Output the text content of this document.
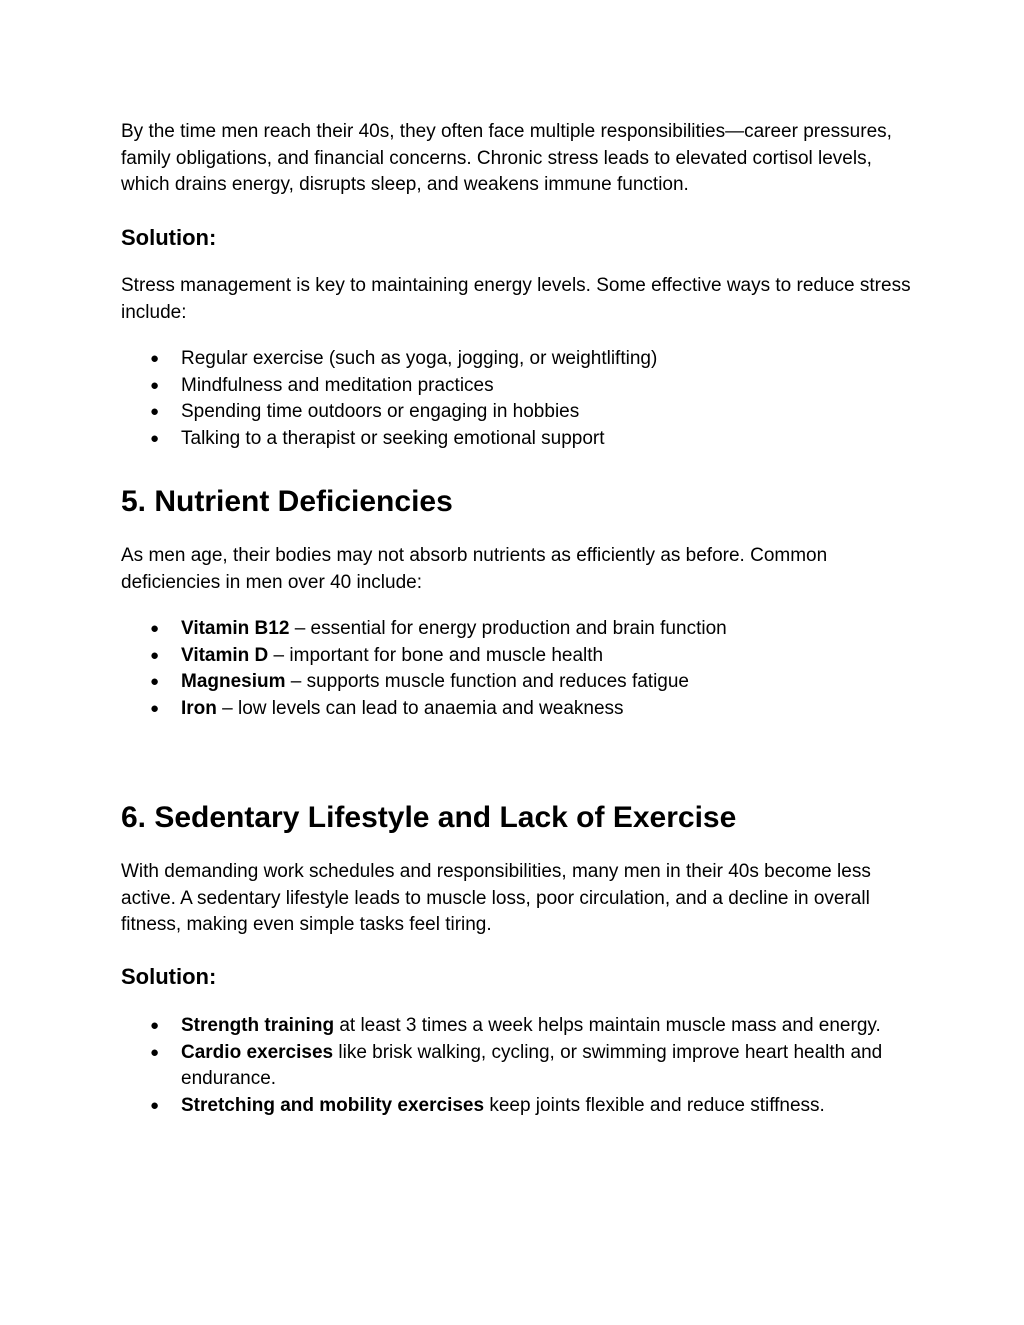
By the time men reach their 40s, they often face multiple responsibilities—career pressures, family obligations, and financial concerns. Chronic stress leads to elevated cortisol levels, which drains energy, disrupts sleep, and weakens immune function.

Solution:

Stress management is key to maintaining energy levels. Some effective ways to reduce stress include:

● Regular exercise (such as yoga, jogging, or weightlifting)
● Mindfulness and meditation practices
● Spending time outdoors or engaging in hobbies
● Talking to a therapist or seeking emotional support
5. Nutrient Deficiencies

As men age, their bodies may not absorb nutrients as efficiently as before. Common deficiencies in men over 40 include:

● Vitamin B12 – essential for energy production and brain function
● Vitamin D – important for bone and muscle health
● Magnesium – supports muscle function and reduces fatigue
● Iron – low levels can lead to anaemia and weakness
6. Sedentary Lifestyle and Lack of Exercise

With demanding work schedules and responsibilities, many men in their 40s become less active. A sedentary lifestyle leads to muscle loss, poor circulation, and a decline in overall fitness, making even simple tasks feel tiring.

Solution:
● Strength training at least 3 times a week helps maintain muscle mass and energy.
● Cardio exercises like brisk walking, cycling, or swimming improve heart health and endurance.
● Stretching and mobility exercises keep joints flexible and reduce stiffness.
